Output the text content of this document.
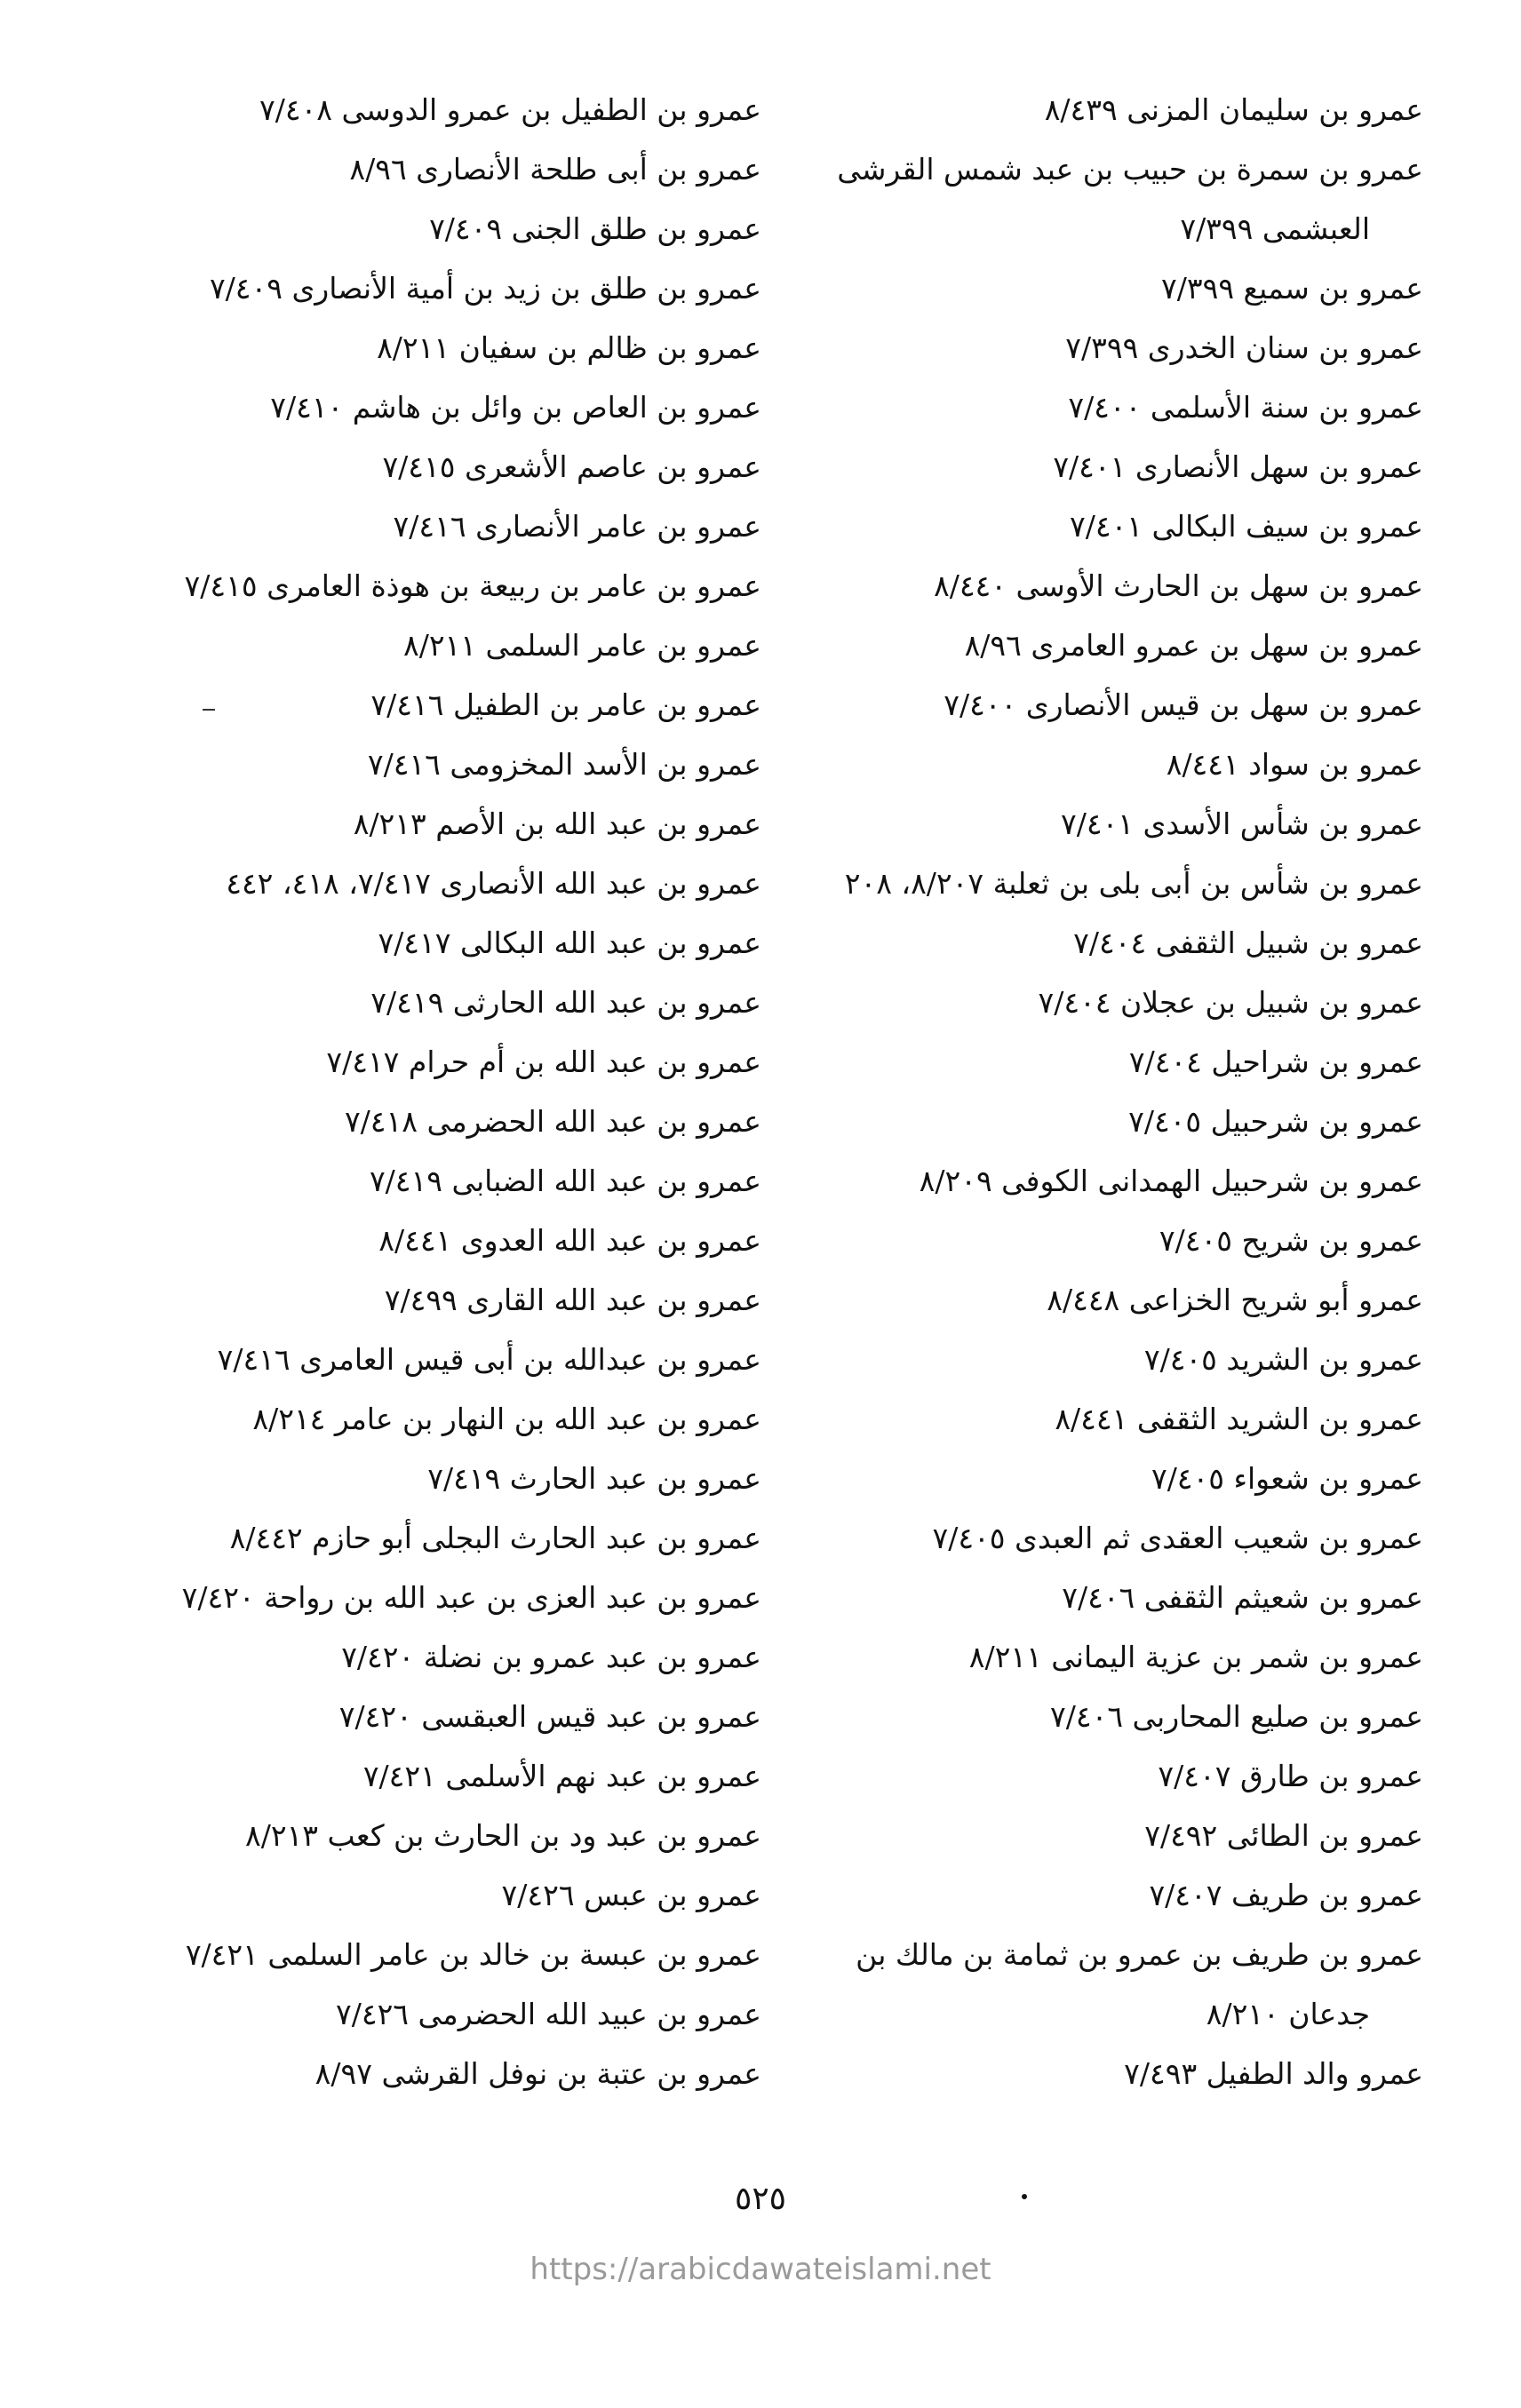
عمرو بن سليمان المزنى ٨/٤٣٩

عمرو بن سمرة بن حبيب بن عبد شمس القرشى

العبشمى ٧/٣٩٩

عمرو بن سميع ٧/٣٩٩

عمرو بن سنان الخدرى ٧/٣٩٩

عمرو بن سنة الأسلمى ٧/٤٠٠

عمرو بن سهل الأنصارى ٧/٤٠١

عمرو بن سيف البكالى ٧/٤٠١

عمرو بن سهل بن الحارث الأوسى ٨/٤٤٠

عمرو بن سهل بن عمرو العامرى ٨/٩٦

عمرو بن سهل بن قيس الأنصارى ٧/٤٠٠

عمرو بن سواد ٨/٤٤١

عمرو بن شأس الأسدى ٧/٤٠١

عمرو بن شأس بن أبى بلى بن ثعلبة ٨/٢٠٧، ٢٠٨

عمرو بن شبيل الثقفى ٧/٤٠٤

عمرو بن شبيل بن عجلان ٧/٤٠٤

عمرو بن شراحيل ٧/٤٠٤

عمرو بن شرحبيل ٧/٤٠٥

عمرو بن شرحبيل الهمدانى الكوفى ٨/٢٠٩

عمرو بن شريح ٧/٤٠٥

عمرو أبو شريح الخزاعى ٨/٤٤٨

عمرو بن الشريد ٧/٤٠٥

عمرو بن الشريد الثقفى ٨/٤٤١

عمرو بن شعواء ٧/٤٠٥

عمرو بن شعيب العقدى ثم العبدى ٧/٤٠٥

عمرو بن شعيثم الثقفى ٧/٤٠٦

عمرو بن شمر بن عزية اليمانى ٨/٢١١

عمرو بن صليع المحاربى ٧/٤٠٦

عمرو بن طارق ٧/٤٠٧

عمرو بن الطائى ٧/٤٩٢

عمرو بن طريف ٧/٤٠٧

عمرو بن طريف بن عمرو بن ثمامة بن مالك بن

جدعان ٨/٢١٠

عمرو والد الطفيل ٧/٤٩٣

عمرو بن الطفيل بن عمرو الدوسى ٧/٤٠٨

عمرو بن أبى طلحة الأنصارى ٨/٩٦

عمرو بن طلق الجنى ٧/٤٠٩

عمرو بن طلق بن زيد بن أمية الأنصارى ٧/٤٠٩

عمرو بن ظالم بن سفيان ٨/٢١١

عمرو بن العاص بن وائل بن هاشم ٧/٤١٠

عمرو بن عاصم الأشعرى ٧/٤١٥

عمرو بن عامر الأنصارى ٧/٤١٦

عمرو بن عامر بن ربيعة بن هوذة العامرى ٧/٤١٥

عمرو بن عامر السلمى ٨/٢١١

عمرو بن عامر بن الطفيل ٧/٤١٦

عمرو بن الأسد المخزومى ٧/٤١٦

عمرو بن عبد الله بن الأصم ٨/٢١٣

عمرو بن عبد الله الأنصارى ٧/٤١٧، ٤١٨، ٤٤٢

عمرو بن عبد الله البكالى ٧/٤١٧

عمرو بن عبد الله الحارثى ٧/٤١٩

عمرو بن عبد الله بن أم حرام ٧/٤١٧

عمرو بن عبد الله الحضرمى ٧/٤١٨

عمرو بن عبد الله الضبابى ٧/٤١٩

عمرو بن عبد الله العدوى ٨/٤٤١

عمرو بن عبد الله القارى ٧/٤٩٩

عمرو بن عبدالله بن أبى قيس العامرى ٧/٤١٦

عمرو بن عبد الله بن النهار بن عامر ٨/٢١٤

عمرو بن عبد الحارث ٧/٤١٩

عمرو بن عبد الحارث البجلى أبو حازم ٨/٤٤٢

عمرو بن عبد العزى بن عبد الله بن رواحة ٧/٤٢٠

عمرو بن عبد عمرو بن نضلة ٧/٤٢٠

عمرو بن عبد قيس العبقسى ٧/٤٢٠

عمرو بن عبد نهم الأسلمى ٧/٤٢١

عمرو بن عبد ود بن الحارث بن كعب ٨/٢١٣

عمرو بن عبس ٧/٤٢٦

عمرو بن عبسة بن خالد بن عامر السلمى ٧/٤٢١

عمرو بن عبيد الله الحضرمى ٧/٤٢٦

عمرو بن عتبة بن نوفل القرشى ٨/٩٧

٥٢٥
https://arabicdawateislami.net
